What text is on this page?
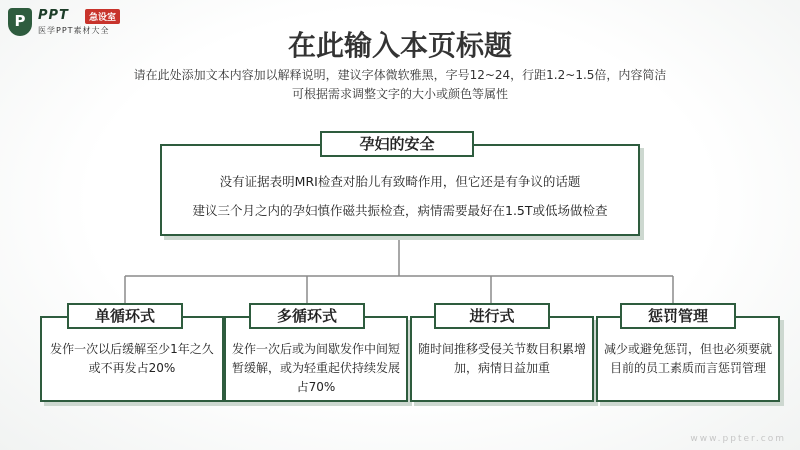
P PPT	急设室
医学PPT素材大全	在此输入本页标题
请在此处添加文本内容加以解释说明，建议字体微软雅黑，字号12~24，行距1.2~1.5倍，内容简洁
可根据需求调整文字的大小或颜色等属性
没有证据表明MRI检查对胎儿有致畸作用，但它还是有争议的话题
建议三个月之内的孕妇慎作磁共振检查，病情需要最好在1.5T或低场做检查
孕妇的安全
发作一次以后缓解至少1年之久或不再发占20%
单循环式
发作一次后或为间歇发作中间短暂缓解，或为轻重起伏持续发展占70%
多循环式
随时间推移受侵关节数目积累增加，病情日益加重
进行式
减少或避免惩罚，但也必须要就目前的员工素质而言惩罚管理
惩罚管理
www.ppter.com
